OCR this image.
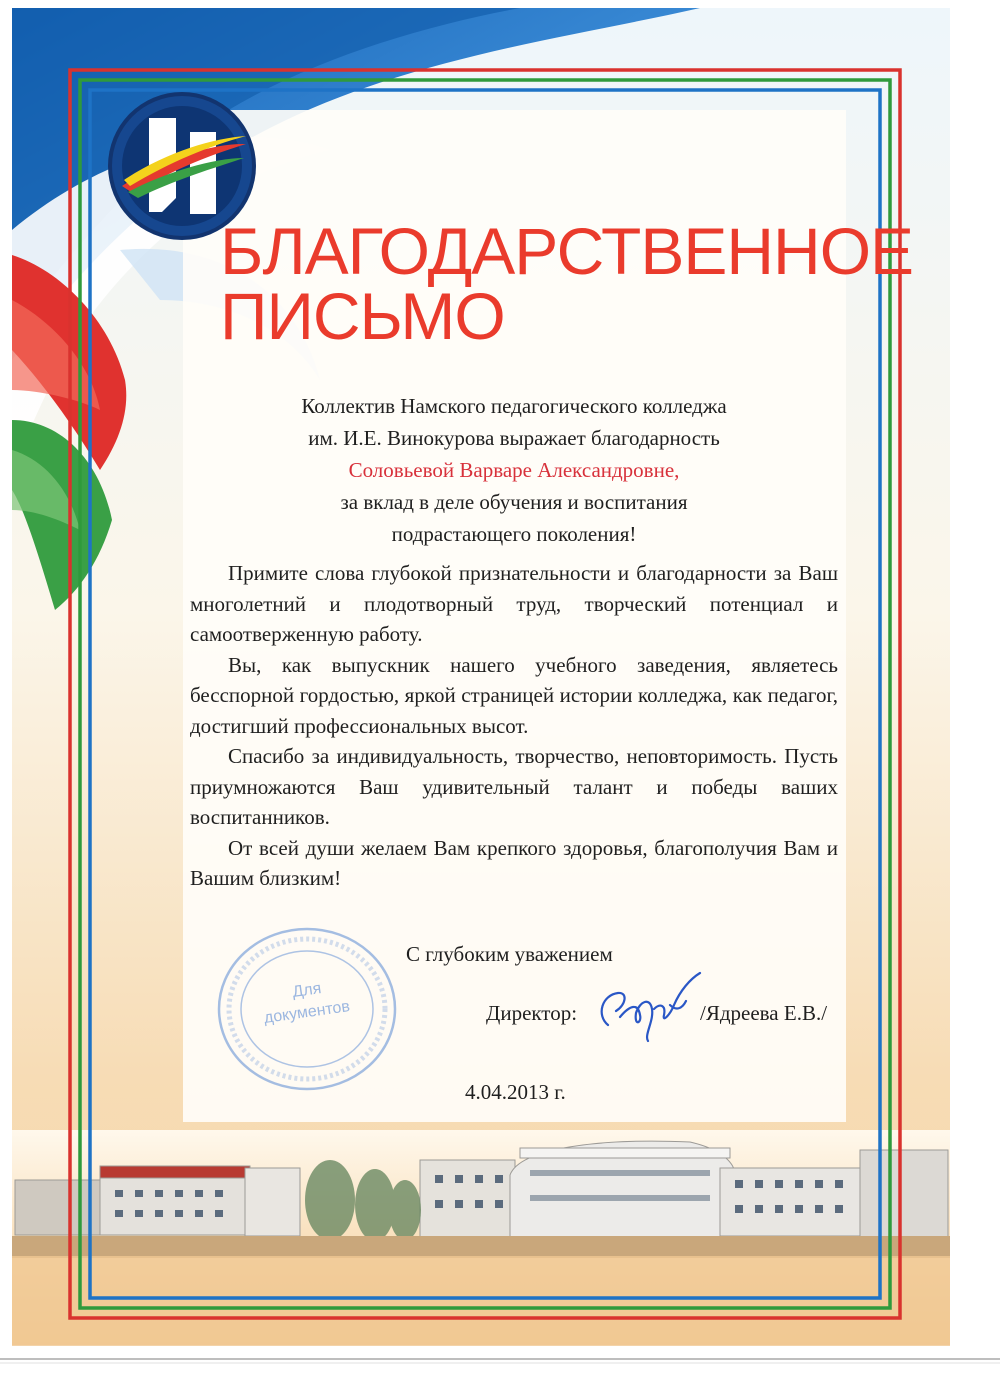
БЛАГОДАРСТВЕННОЕ
ПИСЬМО
Коллектив Намского педагогического колледжа
им. И.Е. Винокурова выражает благодарность
Соловьевой Варваре Александровне,
за вклад в деле обучения и воспитания
подрастающего поколения!

Примите слова глубокой признательности и благодарности за Ваш многолетний и плодотворный труд, творческий потенциал и самоотверженную работу.

Вы, как выпускник нашего учебного заведения, являетесь бесспорной гордостью, яркой страницей истории колледжа, как педагог, достигший профессиональных высот.

Спасибо за индивидуальность, творчество, неповторимость. Пусть приумножаются Ваш удивительный талант и победы ваших воспитанников.

От всей души желаем Вам крепкого здоровья, благополучия Вам и Вашим близким!

Для
документов
С глубоким уважением
Директор:	/Ядреева Е.В./
4.04.2013 г.
